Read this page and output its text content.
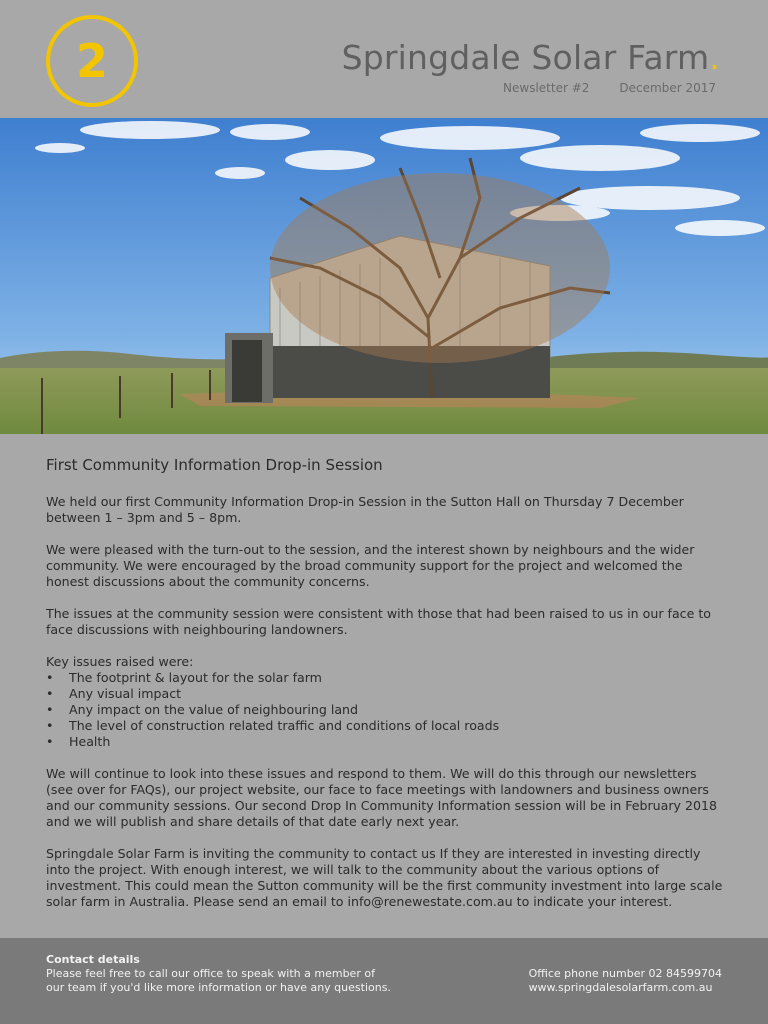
2	Springdale Solar Farm.
Newsletter #2	December 2017
First Community Information Drop-in Session

We held our first Community Information Drop-in Session in the Sutton Hall on Thursday 7 December between 1 – 3pm and 5 – 8pm.

We were pleased with the turn-out to the session, and the interest shown by neighbours and the wider community. We were encouraged by the broad community support for the project and welcomed the honest discussions about the community concerns.

The issues at the community session were consistent with those that had been raised to us in our face to face discussions with neighbouring landowners.

Key issues raised were:

• The footprint & layout for the solar farm
• Any visual impact
• Any impact on the value of neighbouring land
• The level of construction related traffic and conditions of local roads
• Health

We will continue to look into these issues and respond to them. We will do this through our newsletters (see over for FAQs), our project website, our face to face meetings with landowners and business owners and our community sessions. Our second Drop In Community Information session will be in February 2018 and we will publish and share details of that date early next year.

Springdale Solar Farm is inviting the community to contact us If they are interested in investing directly into the project. With enough interest, we will talk to the community about the various options of investment. This could mean the Sutton community will be the first community investment into large scale solar farm in Australia. Please send an email to info@renewestate.com.au to indicate your interest.

Contact details
Please feel free to call our office to speak with a member of
our team if you'd like more information or have any questions.
Office phone number 02 84599704
www.springdalesolarfarm.com.au
